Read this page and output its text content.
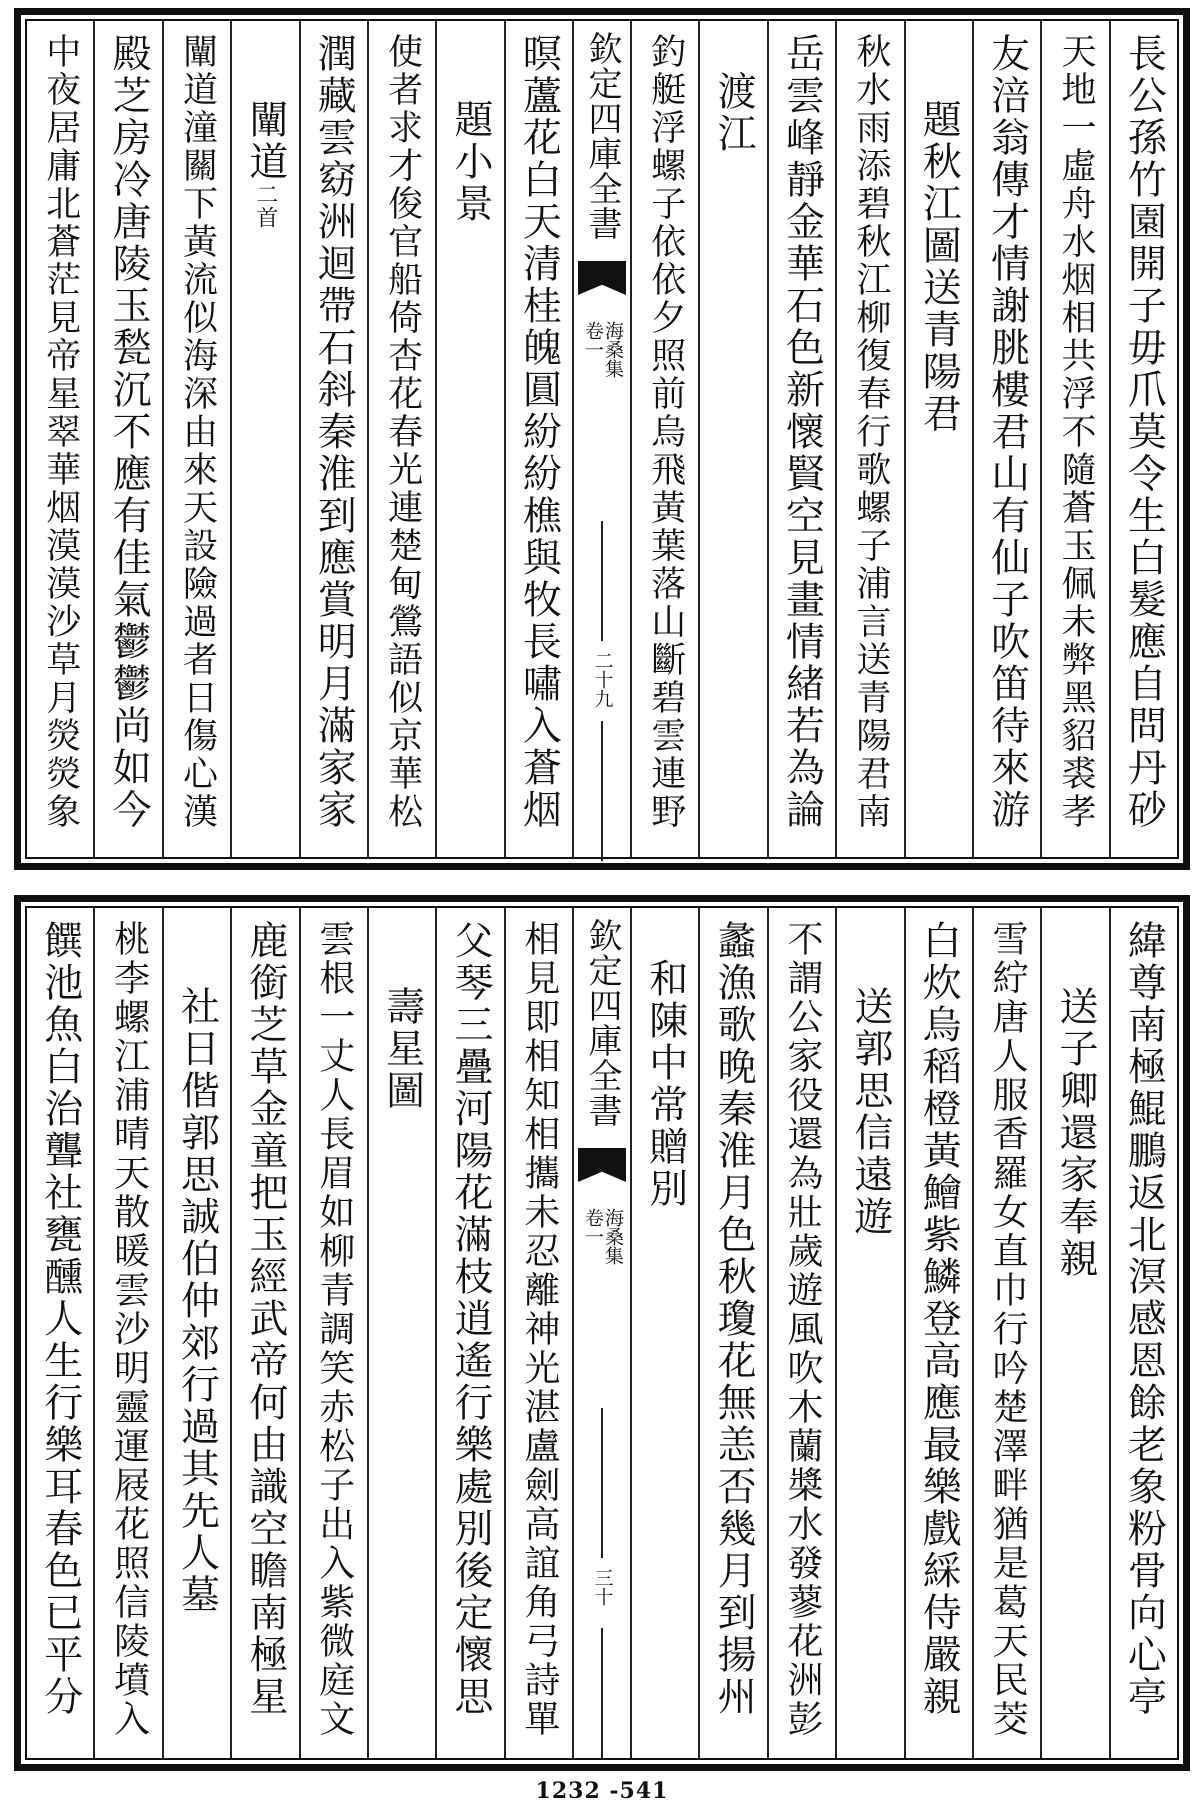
長公孫竹園開子毋爪莫令生白髮應自問丹砂
天地一虛舟水烟相共浮不隨蒼玉佩未弊黑貂裘孝
友涪翁傳才情謝朓樓君山有仙子吹笛待來游
題秋江圖送青陽君
秋水雨添碧秋江柳復春行歌螺子浦言送青陽君南
岳雲峰靜金華石色新懷賢空見畫情緒若為論
渡江
釣艇浮螺子依依夕照前烏飛黃葉落山斷碧雲連野
欽定四庫全書
海桑集
卷一
二十九
暝蘆花白天清桂魄圓紛紛樵與牧長嘯入蒼烟
題小景
使者求才俊官船倚杏花春光連楚甸鶯語似京華松
潤藏雲窈洲迴帶石斜秦淮到應賞明月滿家家
闡道二首
闡道潼關下黃流似海深由來天設險過者日傷心漢
殿芝房冷唐陵玉甃沉不應有佳氣鬱鬱尚如今
中夜居庸北蒼茫見帝星翠華烟漠漠沙草月熒熒象
緯尊南極鯤鵬返北溟感恩餘老象粉骨向心亭
送子卿還家奉親
雪紵唐人服香羅女直巾行吟楚澤畔猶是葛天民茭
白炊烏稻橙黃鱠紫鱗登高應最樂戲綵侍嚴親
送郭思信遠遊
不謂公家役還為壯歲遊風吹木蘭槳水發蓼花洲彭
蠡漁歌晚秦淮月色秋瓊花無恙否幾月到揚州
和陳中常贈別
欽定四庫全書
海桑集
卷一
三十
相見即相知相攜未忍離神光湛盧劍高誼角弓詩單
父琴三疊河陽花滿枝逍遙行樂處別後定懷思
壽星圖
雲根一丈人長眉如柳青調笑赤松子出入紫微庭文
鹿銜芝草金童把玉經武帝何由識空瞻南極星
社日偕郭思誠伯仲郊行過其先人墓
桃李螺江浦晴天散暖雲沙明靈運屐花照信陵墳入
饌池魚白治聾社甕醺人生行樂耳春色已平分
1232 -541
